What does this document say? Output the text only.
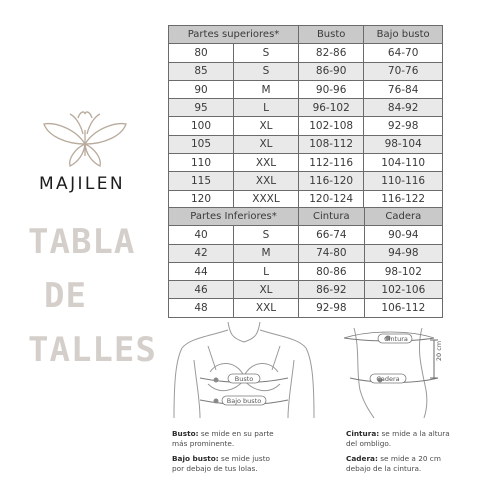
MAJILEN
TABLA
DE
TALLES
Partes superiores*		Busto	Bajo busto
80	S	82-86	64-70
85	S	86-90	70-76
90	M	90-96	76-84
95	L	96-102	84-92
100	XL	102-108	92-98
105	XL	108-112	98-104
110	XXL	112-116	104-110
115	XXL	116-120	110-116
120	XXXL	120-124	116-122
Partes Inferiores*		Cintura	Cadera
40	S	66-74	90-94
42	M	74-80	94-98
44	L	80-86	98-102
46	XL	86-92	102-106
48	XXL	92-98	106-112
Busto
Bajo busto
Cintura
Cadera
20 cm
Busto: se mide en su parte
más prominente.
Bajo busto: se mide justo
por debajo de tus lolas.
Cintura: se mide a la altura
del ombligo.
Cadera: se mide a 20 cm
debajo de la cintura.
